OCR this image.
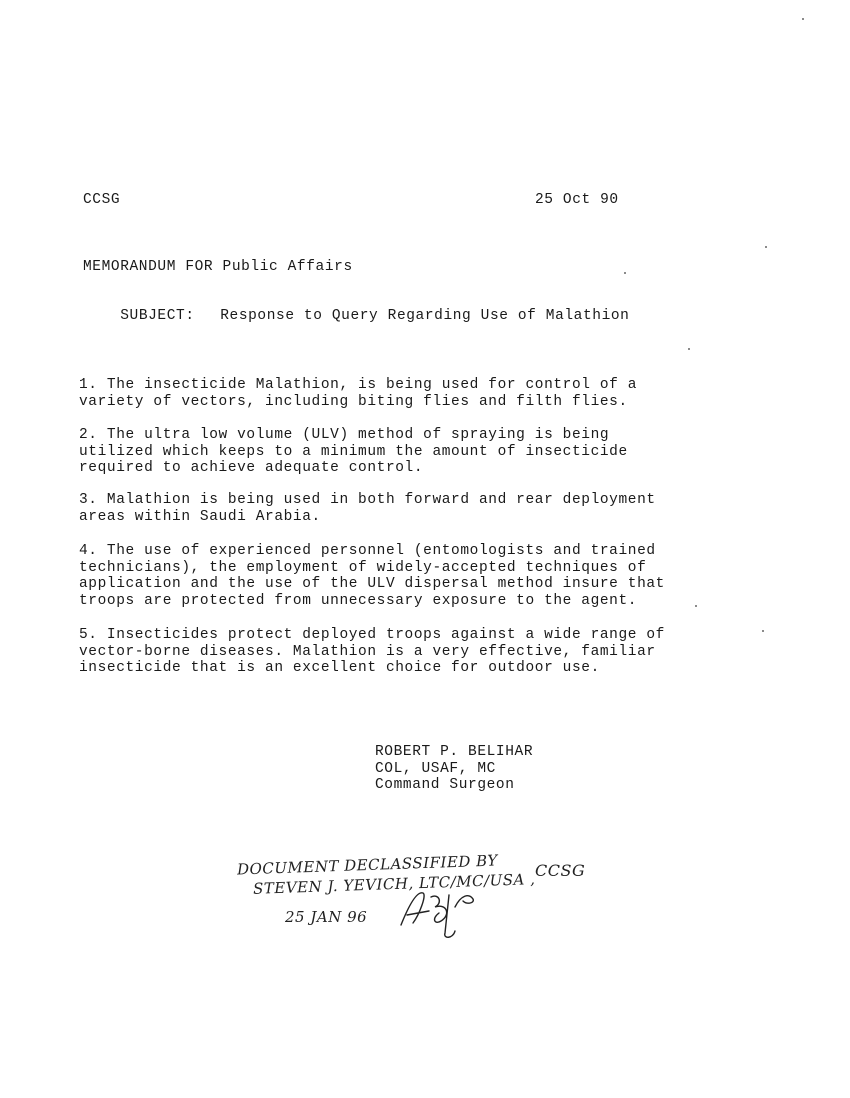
CCSG	25 Oct 90
MEMORANDUM FOR Public Affairs

SUBJECT: Response to Query Regarding Use of Malathion

1. The insecticide Malathion, is being used for control of a
variety of vectors, including biting flies and filth flies.

2. The ultra low volume (ULV) method of spraying is being
utilized which keeps to a minimum the amount of insecticide
required to achieve adequate control.

3. Malathion is being used in both forward and rear deployment
areas within Saudi Arabia.

4. The use of experienced personnel (entomologists and trained
technicians), the employment of widely-accepted techniques of
application and the use of the ULV dispersal method insure that
troops are protected from unnecessary exposure to the agent.

5. Insecticides protect deployed troops against a wide range of
vector-borne diseases. Malathion is a very effective, familiar
insecticide that is an excellent choice for outdoor use.

ROBERT P. BELIHAR
COL, USAF, MC
Command Surgeon
DOCUMENT DECLASSIFIED BY
STEVEN J. YEVICH, LTC/MC/USA , CCSG
25 JAN 96
